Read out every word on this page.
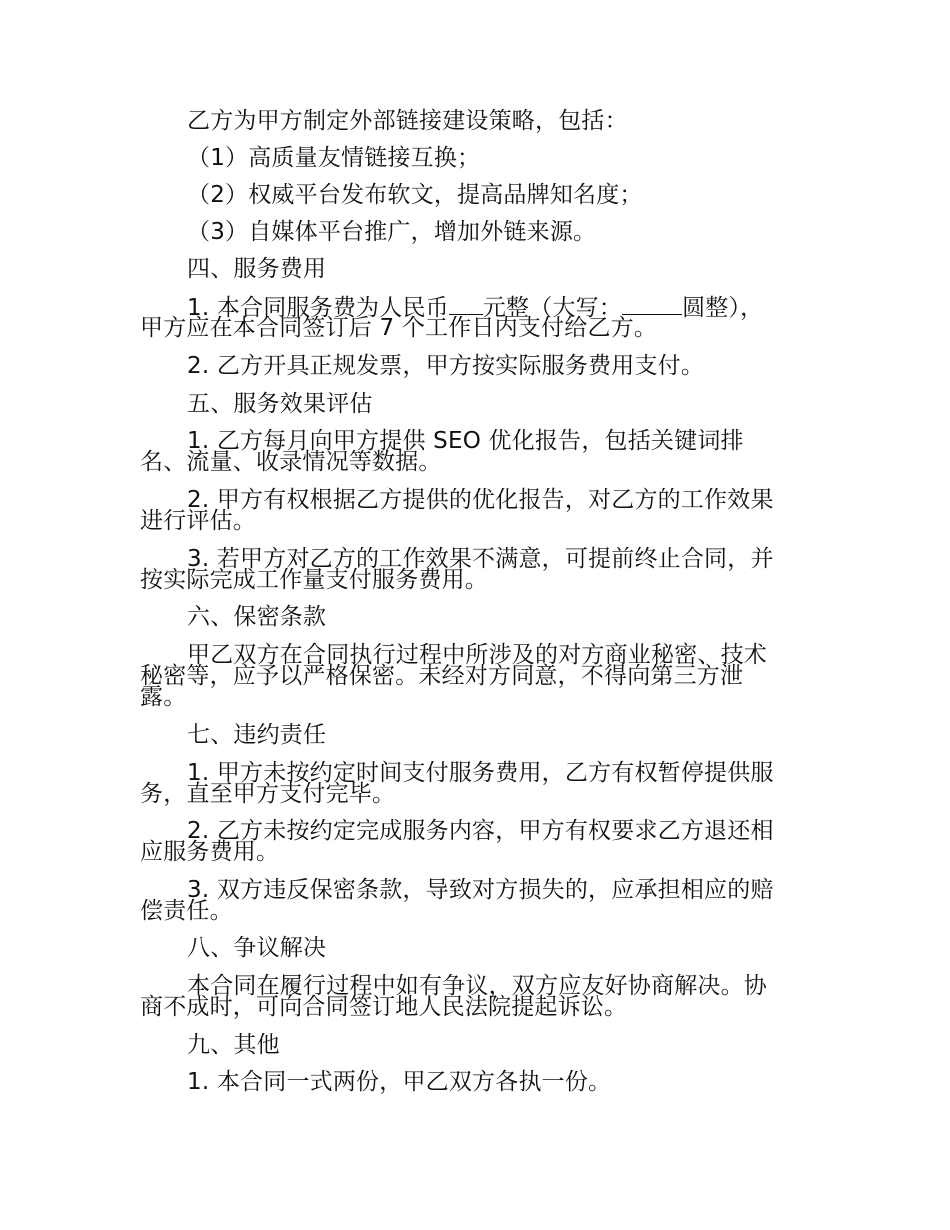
乙方为甲方制定外部链接建设策略，包括：
（1）高质量友情链接互换；
（2）权威平台发布软文，提高品牌知名度；
（3）自媒体平台推广，增加外链来源。
四、服务费用
1. 本合同服务费为人民币 元整（大写：	圆整），
甲方应在本合同签订后 7 个工作日内支付给乙方。
2. 乙方开具正规发票，甲方按实际服务费用支付。
五、服务效果评估
1. 乙方每月向甲方提供 SEO 优化报告，包括关键词排
名、流量、收录情况等数据。
2. 甲方有权根据乙方提供的优化报告，对乙方的工作效果
进行评估。
3. 若甲方对乙方的工作效果不满意，可提前终止合同，并
按实际完成工作量支付服务费用。
六、保密条款
甲乙双方在合同执行过程中所涉及的对方商业秘密、技术
秘密等，应予以严格保密。未经对方同意，不得向第三方泄
露。
七、违约责任
1. 甲方未按约定时间支付服务费用，乙方有权暂停提供服
务，直至甲方支付完毕。
2. 乙方未按约定完成服务内容，甲方有权要求乙方退还相
应服务费用。
3. 双方违反保密条款，导致对方损失的，应承担相应的赔
偿责任。
八、争议解决
本合同在履行过程中如有争议，双方应友好协商解决。协
商不成时，可向合同签订地人民法院提起诉讼。
九、其他
1. 本合同一式两份，甲乙双方各执一份。
